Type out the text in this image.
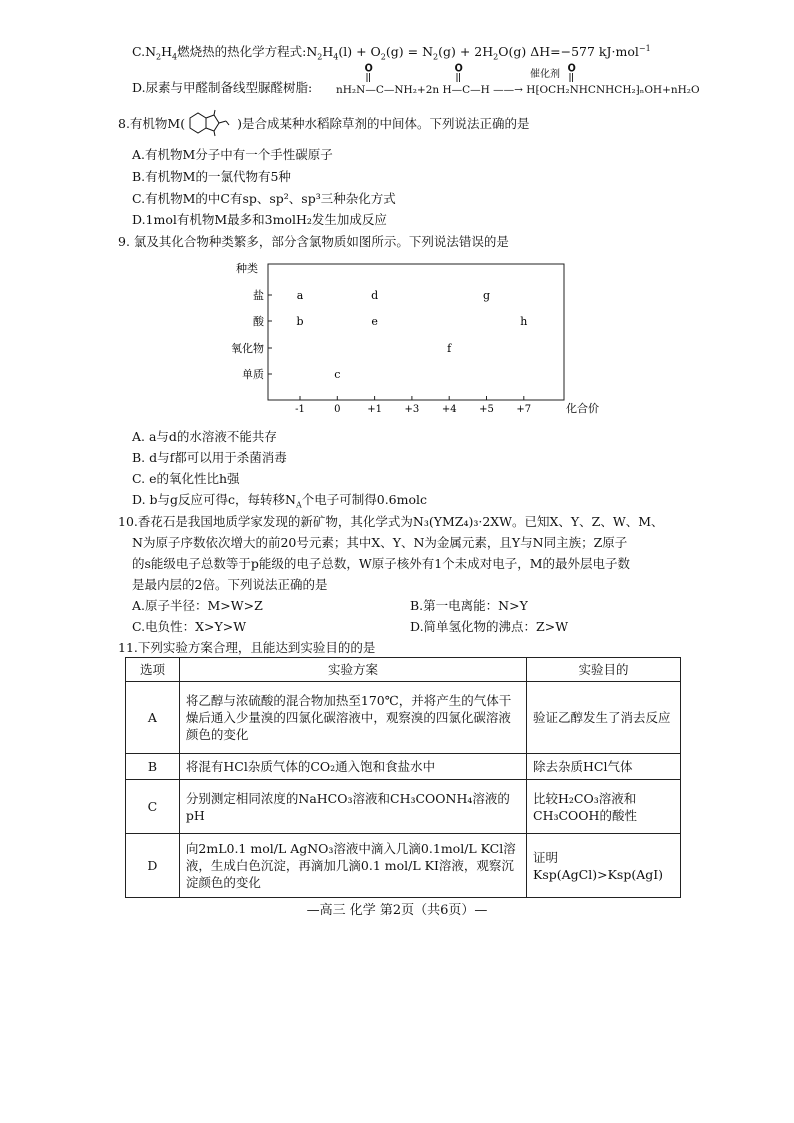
$C.N_2H_4$燃烧热的热化学方程式$:N_2H_4(l) + O_2(g) = N_2(g) + 2H_2O(g)$ ΔH=−577 kJ·mol$^{-1}$
D.尿素与甲醛制备线型脲醛树脂: nH₂N—C—NH₂+2n H—C—H ——→ H⁅OCH₂NHCNHCH₂⁆ₙOH+nH₂O
催化剂
O	O	O
8.有机物M(	)是合成某种水稻除草剂的中间体。下列说法正确的是
A.有机物M分子中有一个手性碳原子
B.有机物M的一氯代物有5种
C.有机物M的中C有sp、sp²、sp³三种杂化方式
D.1mol有机物M最多和3molH₂发生加成反应
9. 氯及其化合物种类繁多，部分含氯物质如图所示。下列说法错误的是
种类
化合价
单质
氧化物
酸
盐
-1	0	+1 +3 +4 +5 +7
a
b
c
d
e
f
g
h
A. a与d的水溶液不能共存
B. d与f都可以用于杀菌消毒
C. e的氧化性比h强
D. b与g反应可得c，每转移$N_A$个电子可制得0.6molc
10.香花石是我国地质学家发现的新矿物，其化学式为N₃(YMZ₄)₃·2XW。已知X、Y、Z、W、M、
N为原子序数依次增大的前20号元素；其中X、Y、N为金属元素，且Y与N同主族；Z原子
的s能级电子总数等于p能级的电子总数，W原子核外有1个未成对电子，M的最外层电子数
是最内层的2倍。下列说法正确的是
A.原子半径：M>W>Z	B.第一电离能：N>Y
C.电负性：X>Y>W	D.简单氢化物的沸点：Z>W
11.下列实验方案合理，且能达到实验目的的是
选项	实验方案	实验目的
A	将乙醇与浓硫酸的混合物加热至170℃，并将产生的气体干燥后通入少量溴的四氯化碳溶液中，观察溴的四氯化碳溶液颜色的变化	验证乙醇发生了消去反应
B	将混有HCl杂质气体的CO₂通入饱和食盐水中	除去杂质HCl气体
C	分别测定相同浓度的NaHCO₃溶液和CH₃COONH₄溶液的pH	比较H₂CO₃溶液和CH₃COOH的酸性
D	向2mL0.1 mol/L AgNO₃溶液中滴入几滴0.1mol/L KCl溶液，生成白色沉淀，再滴加几滴0.1 mol/L KI溶液，观察沉淀颜色的变化	证明Ksp(AgCl)>Ksp(AgI)
—高三 化学 第2页（共6页）—
